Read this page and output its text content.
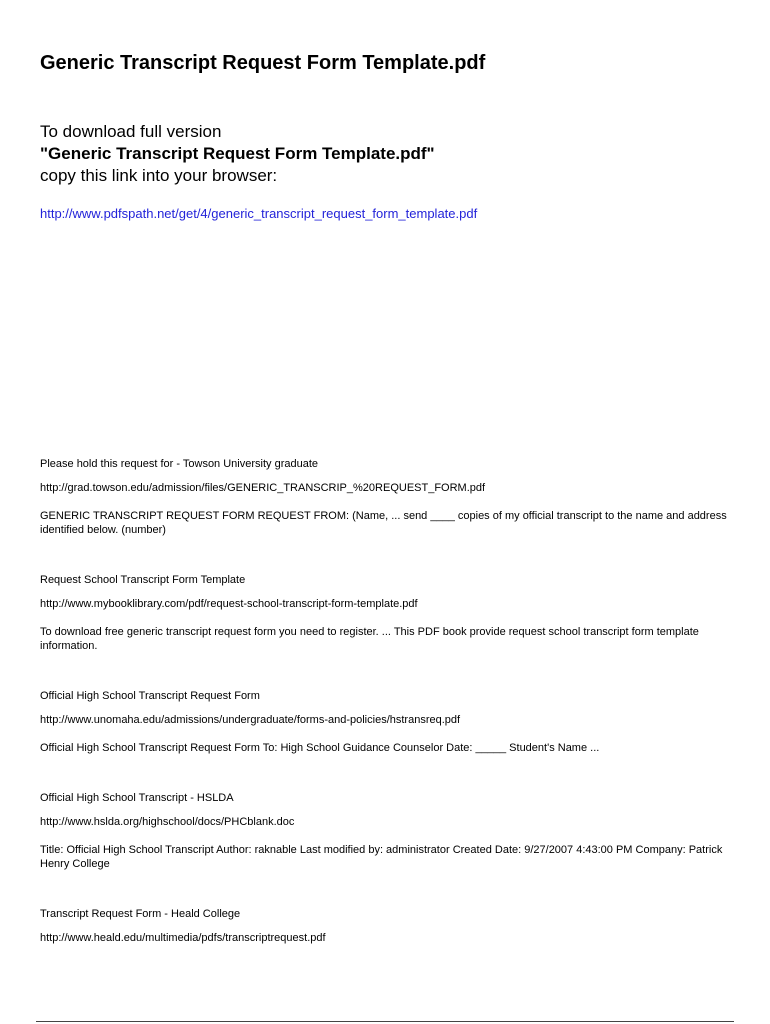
Generic Transcript Request Form Template.pdf
To download full version
"Generic Transcript Request Form Template.pdf"
copy this link into your browser:
http://www.pdfspath.net/get/4/generic_transcript_request_form_template.pdf
Please hold this request for - Towson University graduate
http://grad.towson.edu/admission/files/GENERIC_TRANSCRIP_%20REQUEST_FORM.pdf
GENERIC TRANSCRIPT REQUEST FORM REQUEST FROM: (Name, ... send ____ copies of my official transcript to the name and address identified below. (number)
Request School Transcript Form Template
http://www.mybooklibrary.com/pdf/request-school-transcript-form-template.pdf
To download free generic transcript request form you need to register. ... This PDF book provide request school transcript form template information.
Official High School Transcript Request Form
http://www.unomaha.edu/admissions/undergraduate/forms-and-policies/hstransreq.pdf
Official High School Transcript Request Form To: High School Guidance Counselor Date: _____ Student's Name ...
Official High School Transcript - HSLDA
http://www.hslda.org/highschool/docs/PHCblank.doc
Title: Official High School Transcript Author: raknable Last modified by: administrator Created Date: 9/27/2007 4:43:00 PM Company: Patrick Henry College
Transcript Request Form - Heald College
http://www.heald.edu/multimedia/pdfs/transcriptrequest.pdf
